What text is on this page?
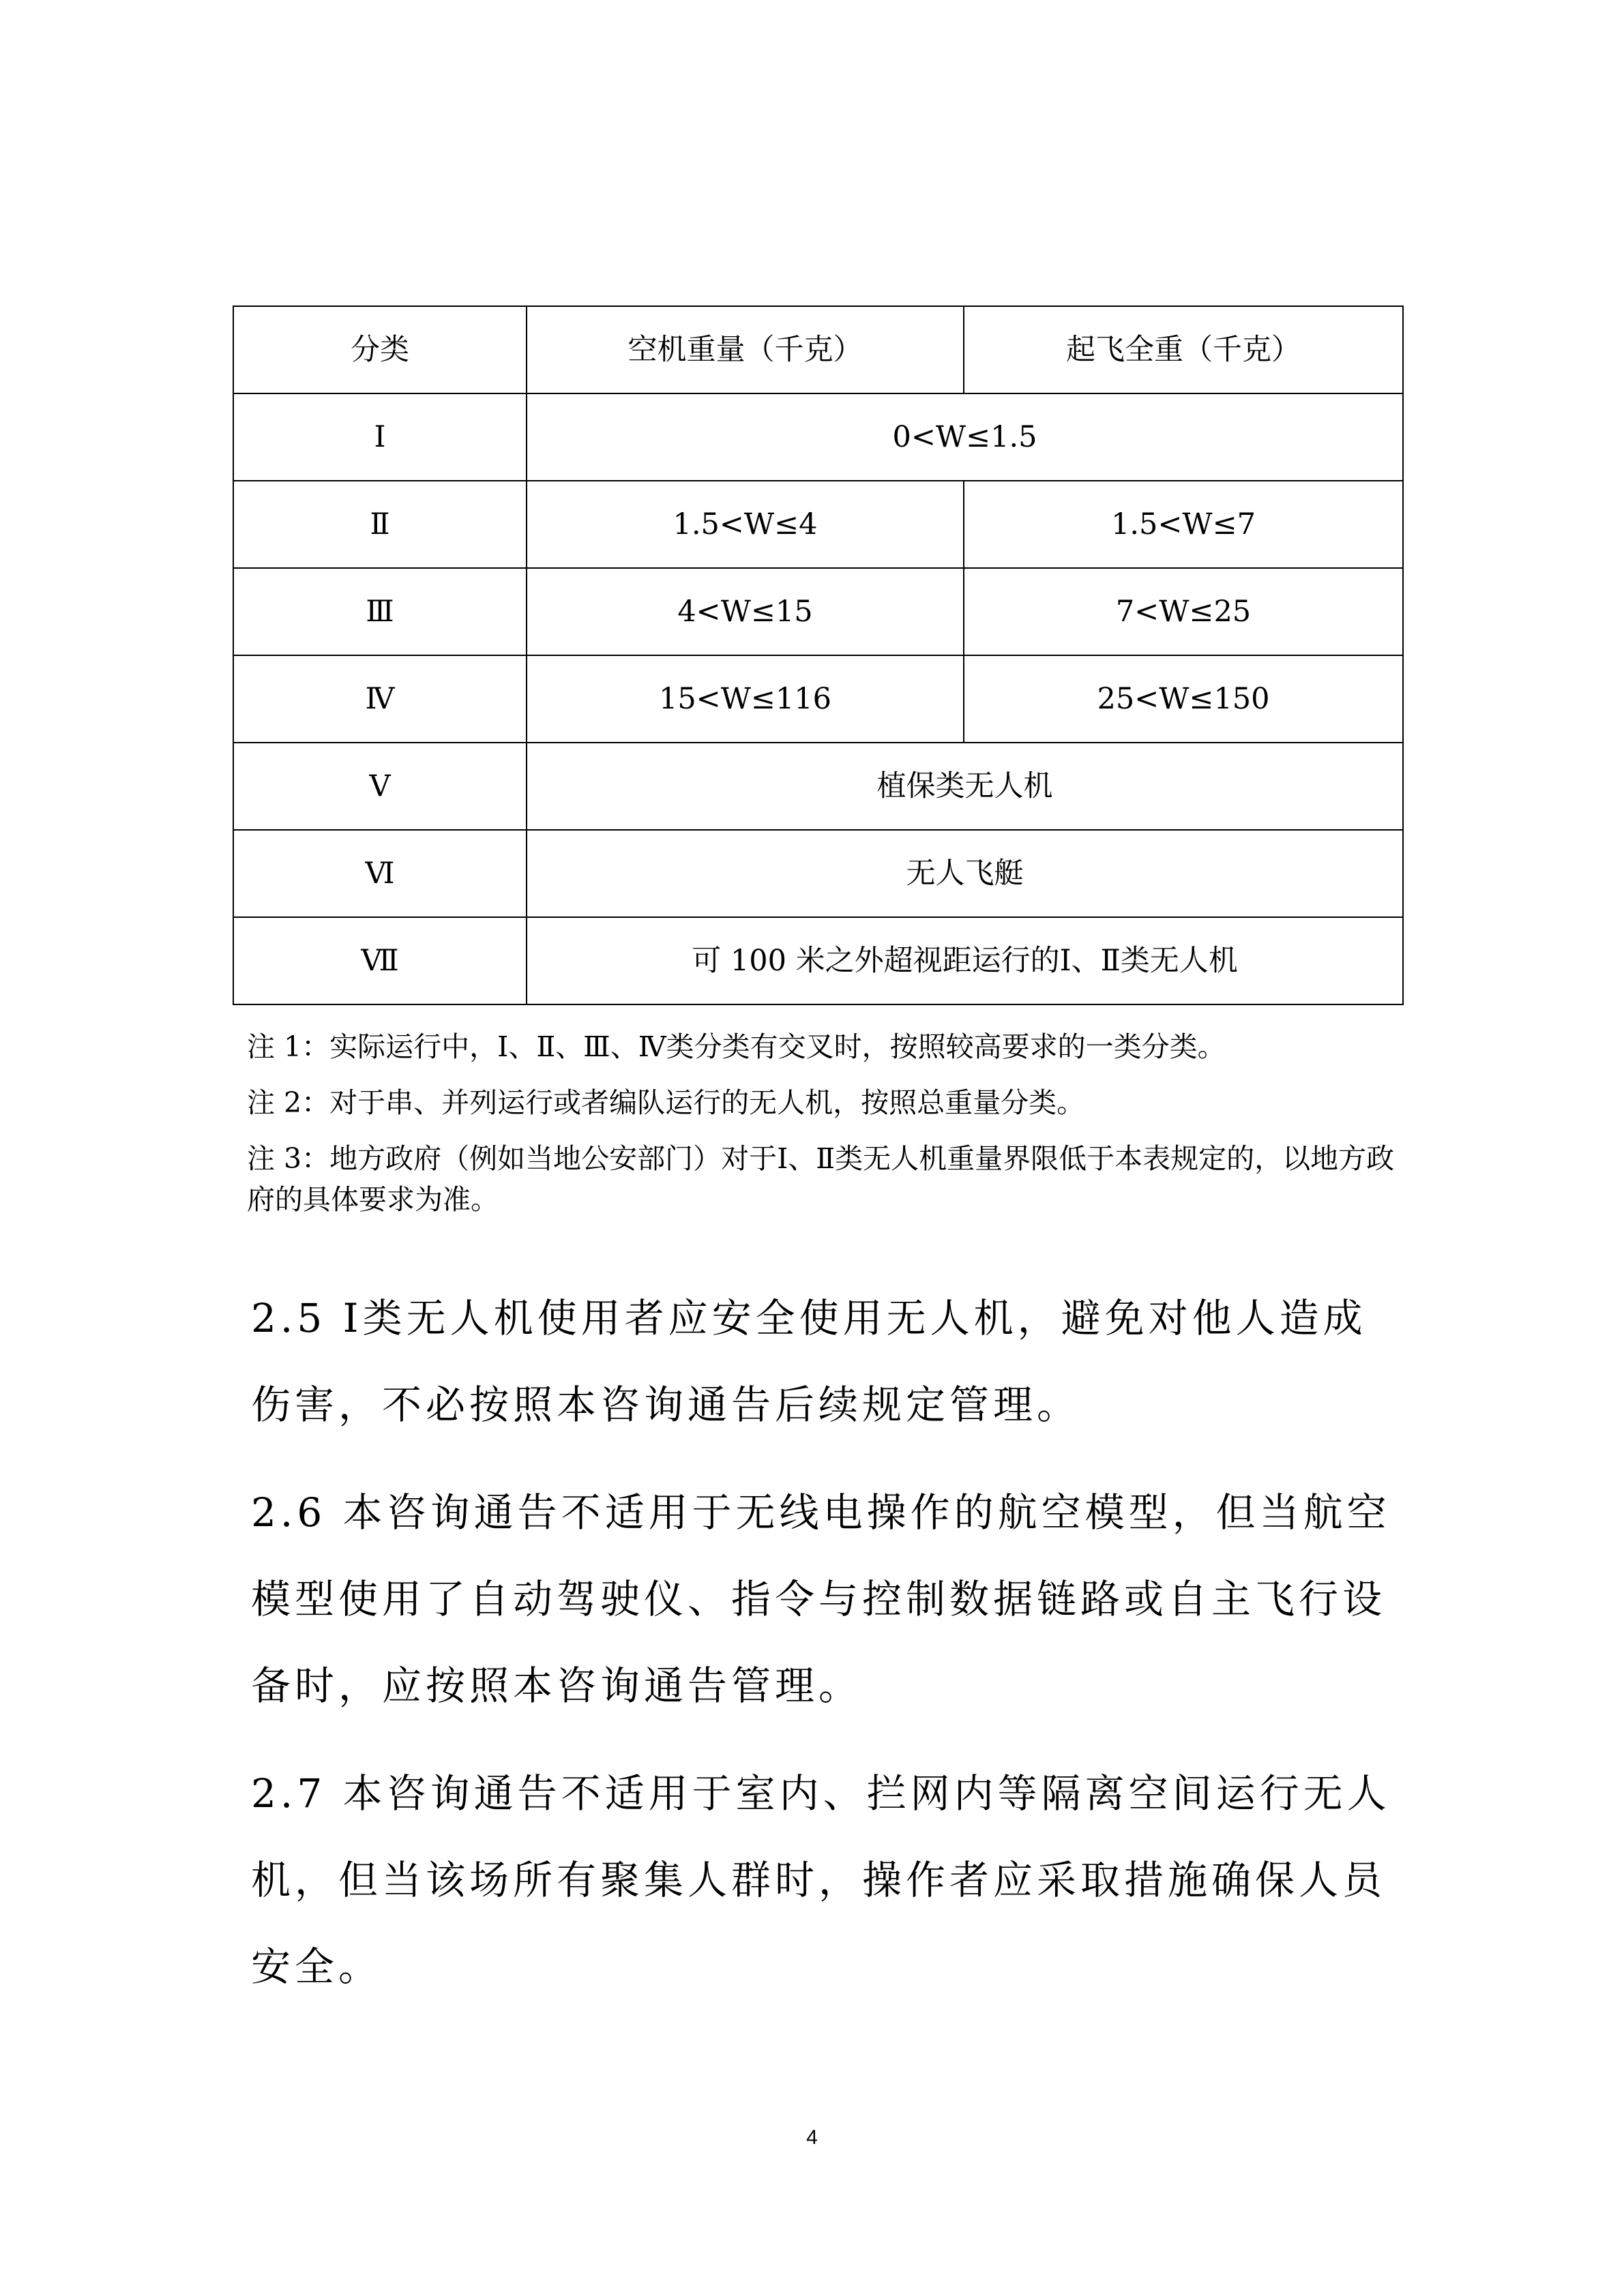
分类	空机重量（千克）	起飞全重（千克）
Ⅰ	0<W≤1.5	
Ⅱ	1.5<W≤4	1.5<W≤7
Ⅲ	4<W≤15	7<W≤25
Ⅳ	15<W≤116	25<W≤150
Ⅴ	植保类无人机	
Ⅵ	无人飞艇	
Ⅶ	可 100 米之外超视距运行的Ⅰ、Ⅱ类无人机	

注 1：实际运行中，Ⅰ、Ⅱ、Ⅲ、Ⅳ类分类有交叉时，按照较高要求的一类分类。

注 2：对于串、并列运行或者编队运行的无人机，按照总重量分类。

注 3：地方政府（例如当地公安部门）对于Ⅰ、Ⅱ类无人机重量界限低于本表规定的，以地方政府的具体要求为准。

2.5 Ⅰ类无人机使用者应安全使用无人机，避免对他人造成伤害，不必按照本咨询通告后续规定管理。

2.6 本咨询通告不适用于无线电操作的航空模型，但当航空模型使用了自动驾驶仪、指令与控制数据链路或自主飞行设备时，应按照本咨询通告管理。

2.7 本咨询通告不适用于室内、拦网内等隔离空间运行无人机，但当该场所有聚集人群时，操作者应采取措施确保人员安全。

4
